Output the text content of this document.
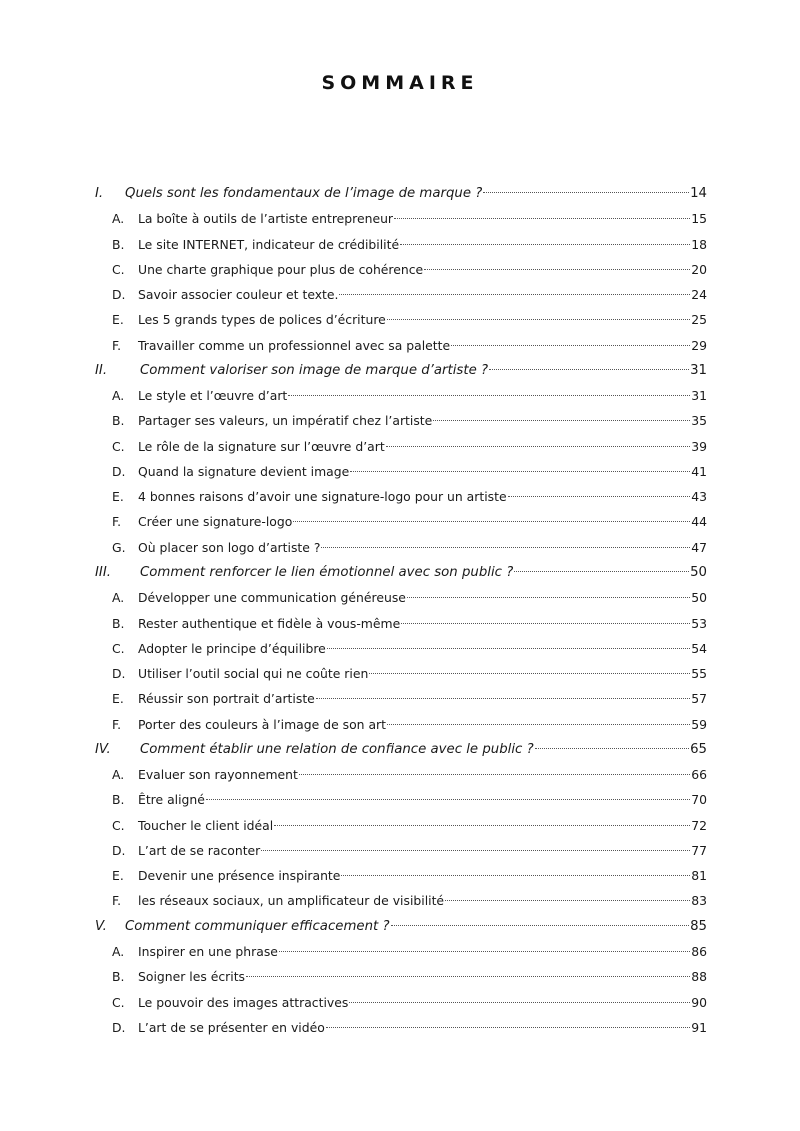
SOMMAIRE
I. Quels sont les fondamentaux de l’image de marque ?	14
A.	La boîte à outils de l’artiste entrepreneur	15
B.	Le site INTERNET, indicateur de crédibilité	18
C.	Une charte graphique pour plus de cohérence	20
D.	Savoir associer couleur et texte.	24
E.	Les 5 grands types de polices d’écriture	25
F.	Travailler comme un professionnel avec sa palette	29
II. Comment valoriser son image de marque d’artiste ?	31
A.	Le style et l’œuvre d’art	31
B.	Partager ses valeurs, un impératif chez l’artiste	35
C.	Le rôle de la signature sur l’œuvre d’art	39
D.	Quand la signature devient image	41
E.	4 bonnes raisons d’avoir une signature-logo pour un artiste	43
F.	Créer une signature-logo	44
G.	Où placer son logo d’artiste ?	47
III. Comment renforcer le lien émotionnel avec son public ?	50
A.	Développer une communication généreuse	50
B.	Rester authentique et fidèle à vous-même	53
C.	Adopter le principe d’équilibre	54
D.	Utiliser l’outil social qui ne coûte rien	55
E.	Réussir son portrait d’artiste	57
F.	Porter des couleurs à l’image de son art	59
IV. Comment établir une relation de confiance avec le public ?	65
A.	Evaluer son rayonnement	66
B.	Être aligné	70
C.	Toucher le client idéal	72
D.	L’art de se raconter	77
E.	Devenir une présence inspirante	81
F.	les réseaux sociaux, un amplificateur de visibilité	83
V. Comment communiquer efficacement ?	85
A.	Inspirer en une phrase	86
B.	Soigner les écrits	88
C.	Le pouvoir des images attractives	90
D.	L’art de se présenter en vidéo	91
